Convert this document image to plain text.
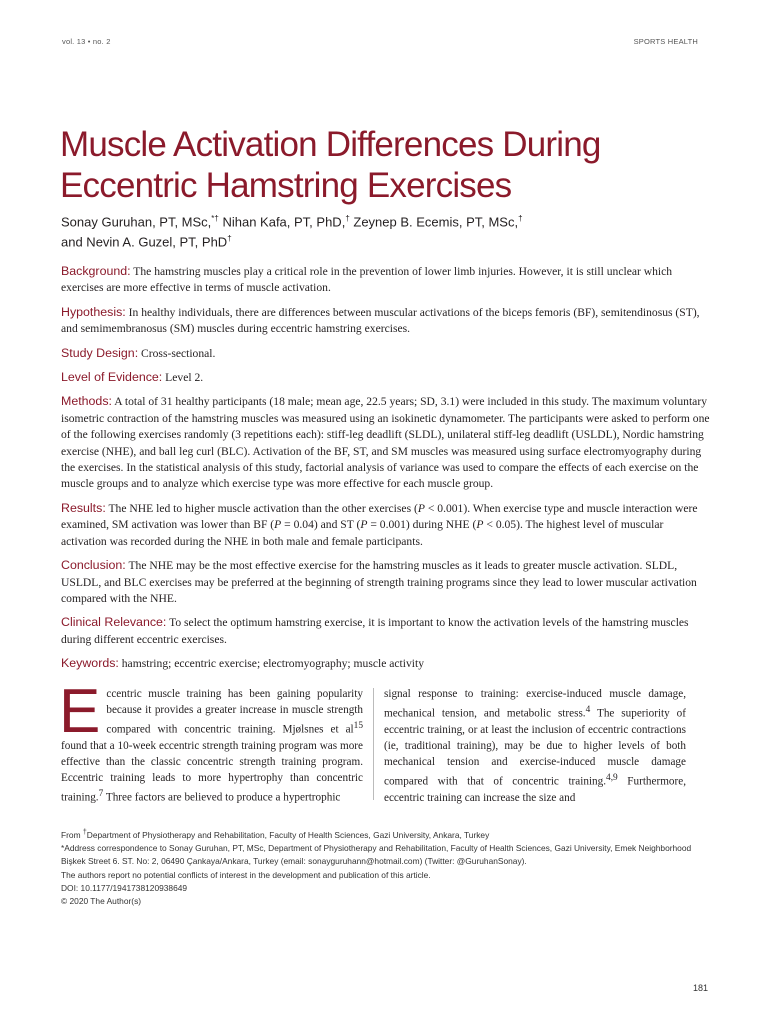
vol. 13 • no. 2	SPORTS HEALTH
Muscle Activation Differences During Eccentric Hamstring Exercises

Sonay Guruhan, PT, MSc,*† Nihan Kafa, PT, PhD,† Zeynep B. Ecemis, PT, MSc,†
and Nevin A. Guzel, PT, PhD†

Background: The hamstring muscles play a critical role in the prevention of lower limb injuries. However, it is still unclear which exercises are more effective in terms of muscle activation.

Hypothesis: In healthy individuals, there are differences between muscular activations of the biceps femoris (BF), semitendinosus (ST), and semimembranosus (SM) muscles during eccentric hamstring exercises.

Study Design: Cross-sectional.

Level of Evidence: Level 2.

Methods: A total of 31 healthy participants (18 male; mean age, 22.5 years; SD, 3.1) were included in this study. The maximum voluntary isometric contraction of the hamstring muscles was measured using an isokinetic dynamometer. The participants were asked to perform one of the following exercises randomly (3 repetitions each): stiff-leg deadlift (SLDL), unilateral stiff-leg deadlift (USLDL), Nordic hamstring exercise (NHE), and ball leg curl (BLC). Activation of the BF, ST, and SM muscles was measured using surface electromyography during the exercises. In the statistical analysis of this study, factorial analysis of variance was used to compare the effects of each exercise on the muscle groups and to analyze which exercise type was more effective for each muscle group.

Results: The NHE led to higher muscle activation than the other exercises (P < 0.001). When exercise type and muscle interaction were examined, SM activation was lower than BF (P = 0.04) and ST (P = 0.001) during NHE (P < 0.05). The highest level of muscular activation was recorded during the NHE in both male and female participants.

Conclusion: The NHE may be the most effective exercise for the hamstring muscles as it leads to greater muscle activation. SLDL, USLDL, and BLC exercises may be preferred at the beginning of strength training programs since they lead to lower muscular activation compared with the NHE.

Clinical Relevance: To select the optimum hamstring exercise, it is important to know the activation levels of the hamstring muscles during different eccentric exercises.

Keywords: hamstring; eccentric exercise; electromyography; muscle activity

Eccentric muscle training has been gaining popularity because it provides a greater increase in muscle strength compared with concentric training. Mjølsnes et $al^{15}$ found that a 10-week eccentric strength training program was more effective than the classic concentric strength training program. Eccentric training leads to more hypertrophy than concentric training.$^7$ Three factors are believed to produce a hypertrophic
signal response to training: exercise-induced muscle damage, mechanical tension, and metabolic stress.$^4$ The superiority of eccentric training, or at least the inclusion of eccentric contractions (ie, traditional training), may be due to higher levels of both mechanical tension and exercise-induced muscle damage compared with that of concentric training.$^{4,9}$ Furthermore, eccentric training can increase the size and
From †Department of Physiotherapy and Rehabilitation, Faculty of Health Sciences, Gazi University, Ankara, Turkey
*Address correspondence to Sonay Guruhan, PT, MSc, Department of Physiotherapy and Rehabilitation, Faculty of Health Sciences, Gazi University, Emek Neighborhood
Bişkek Street 6. ST. No: 2, 06490 Çankaya/Ankara, Turkey (email: sonayguruhann@hotmail.com) (Twitter: @GuruhanSonay).
The authors report no potential conflicts of interest in the development and publication of this article.
DOI: 10.1177/1941738120938649
© 2020 The Author(s)
181
